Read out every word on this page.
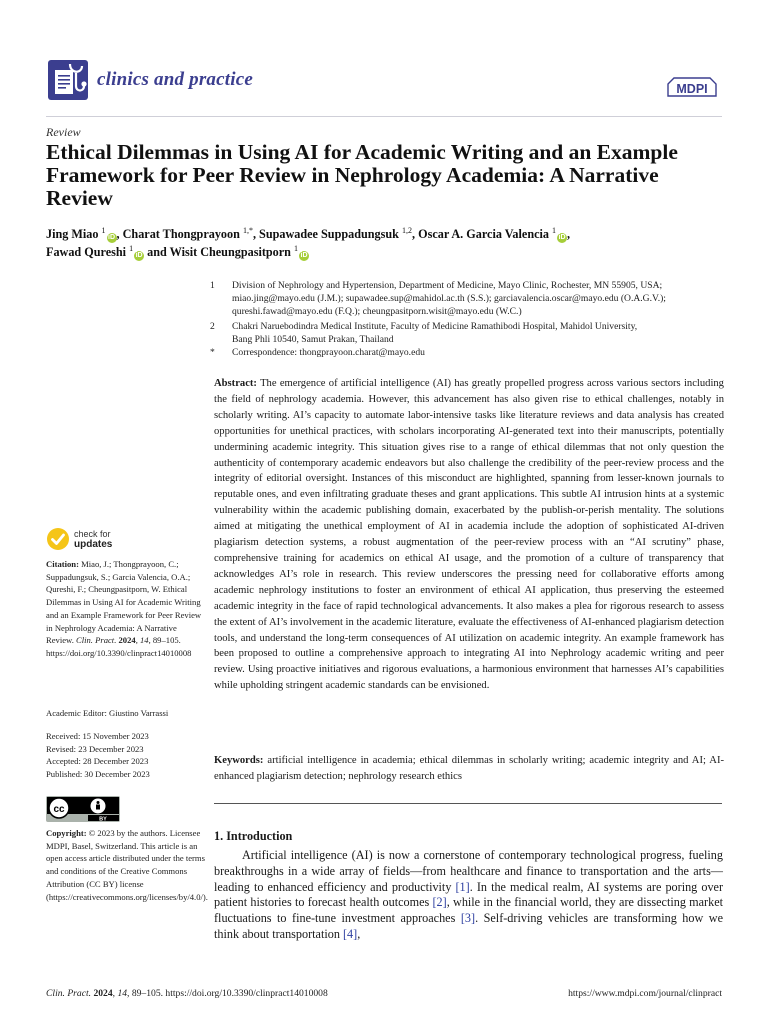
clinics and practice	MDPI
Review
Ethical Dilemmas in Using AI for Academic Writing and an Example Framework for Peer Review in Nephrology Academia: A Narrative Review
Jing Miao $^1$iD , Charat Thongprayoon $^{1,*}$, Supawadee Suppadungsuk $^{1,2}$, Oscar A. Garcia Valencia $^1$iD ,
Fawad Qureshi $^1$iD and Wisit Cheungpasitporn $^1$iD
1	Division of Nephrology and Hypertension, Department of Medicine, Mayo Clinic, Rochester, MN 55905, USA;
miao.jing@mayo.edu (J.M.); supawadee.sup@mahidol.ac.th (S.S.); garciavalencia.oscar@mayo.edu (O.A.G.V.);
qureshi.fawad@mayo.edu (F.Q.); cheungpasitporn.wisit@mayo.edu (W.C.)
2	Chakri Naruebodindra Medical Institute, Faculty of Medicine Ramathibodi Hospital, Mahidol University,
Bang Phli 10540, Samut Prakan, Thailand
*	Correspondence: thongprayoon.charat@mayo.edu
Abstract: The emergence of artificial intelligence (AI) has greatly propelled progress across various sectors including the field of nephrology academia. However, this advancement has also given rise to ethical challenges, notably in scholarly writing. AI’s capacity to automate labor-intensive tasks like literature reviews and data analysis has created opportunities for unethical practices, with scholars incorporating AI-generated text into their manuscripts, potentially undermining academic integrity. This situation gives rise to a range of ethical dilemmas that not only question the authenticity of contemporary academic endeavors but also challenge the credibility of the peer-review process and the integrity of editorial oversight. Instances of this misconduct are highlighted, spanning from lesser-known journals to reputable ones, and even infiltrating graduate theses and grant applications. This subtle AI intrusion hints at a systemic vulnerability within the academic publishing domain, exacerbated by the publish-or-perish mentality. The solutions aimed at mitigating the unethical employment of AI in academia include the adoption of sophisticated AI-driven plagiarism detection systems, a robust augmentation of the peer-review process with an “AI scrutiny” phase, comprehensive training for academics on ethical AI usage, and the promotion of a culture of transparency that acknowledges AI’s role in research. This review underscores the pressing need for collaborative efforts among academic nephrology institutions to foster an environment of ethical AI application, thus preserving the esteemed academic integrity in the face of rapid technological advancements. It also makes a plea for rigorous research to assess the extent of AI’s involvement in the academic literature, evaluate the effectiveness of AI-enhanced plagiarism detection tools, and understand the long-term consequences of AI utilization on academic integrity. An example framework has been proposed to outline a comprehensive approach to integrating AI into Nephrology academic writing and peer review. Using proactive initiatives and rigorous evaluations, a harmonious environment that harnesses AI’s capabilities while upholding stringent academic standards can be envisioned.
Keywords: artificial intelligence in academia; ethical dilemmas in scholarly writing; academic integrity and AI; AI-enhanced plagiarism detection; nephrology research ethics
1. Introduction
Artificial intelligence (AI) is now a cornerstone of contemporary technological progress, fueling breakthroughs in a wide array of fields—from healthcare and finance to transportation and the arts—leading to enhanced efficiency and productivity [1]. In the medical realm, AI systems are poring over patient histories to forecast health outcomes [2], while in the financial world, they are dissecting market fluctuations to fine-tune investment approaches [3]. Self-driving vehicles are transforming how we think about transportation [4],
check for
updates
Citation: Miao, J.; Thongprayoon, C.; Suppadungsuk, S.; Garcia Valencia, O.A.; Qureshi, F.; Cheungpasitporn, W. Ethical Dilemmas in Using AI for Academic Writing and an Example Framework for Peer Review in Nephrology Academia: A Narrative Review. Clin. Pract. 2024, 14, 89–105. https://doi.org/10.3390/clinpract14010008
Academic Editor: Giustino Varrassi
Received: 15 November 2023
Revised: 23 December 2023
Accepted: 28 December 2023
Published: 30 December 2023
cc
BY
Copyright: © 2023 by the authors. Licensee MDPI, Basel, Switzerland. This article is an open access article distributed under the terms and conditions of the Creative Commons Attribution (CC BY) license (https://creativecommons.org/licenses/by/4.0/).
Clin. Pract. 2024, 14, 89–105. https://doi.org/10.3390/clinpract14010008	https://www.mdpi.com/journal/clinpract
